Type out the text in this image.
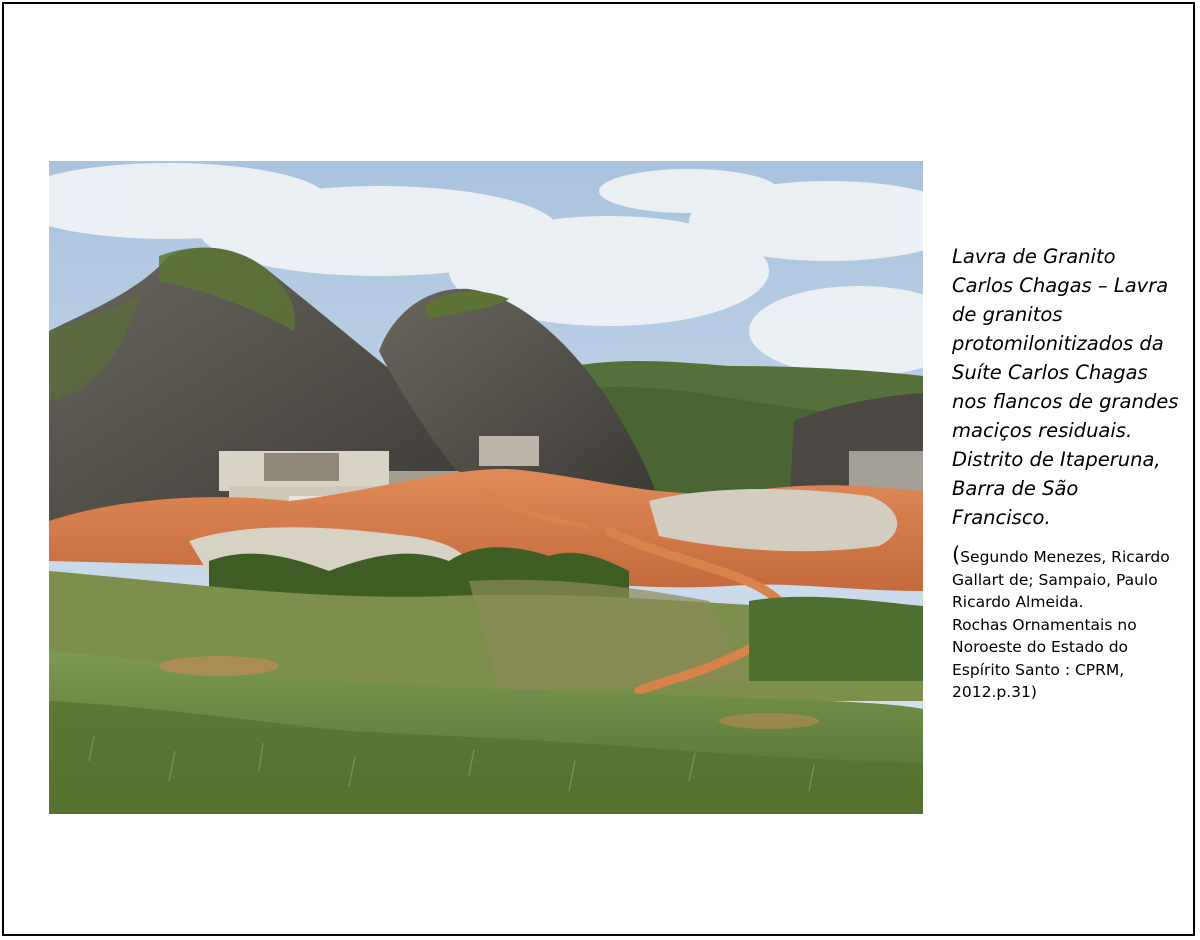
Lavra de Granito
Carlos Chagas – Lavra
de granitos
protomilonitizados da
Suíte Carlos Chagas
nos flancos de grandes
maciços residuais.
Distrito de Itaperuna,
Barra de São
Francisco.

(Segundo Menezes, Ricardo
Gallart de; Sampaio, Paulo
Ricardo Almeida.
Rochas Ornamentais no
Noroeste do Estado do
Espírito Santo : CPRM,
2012.p.31)
